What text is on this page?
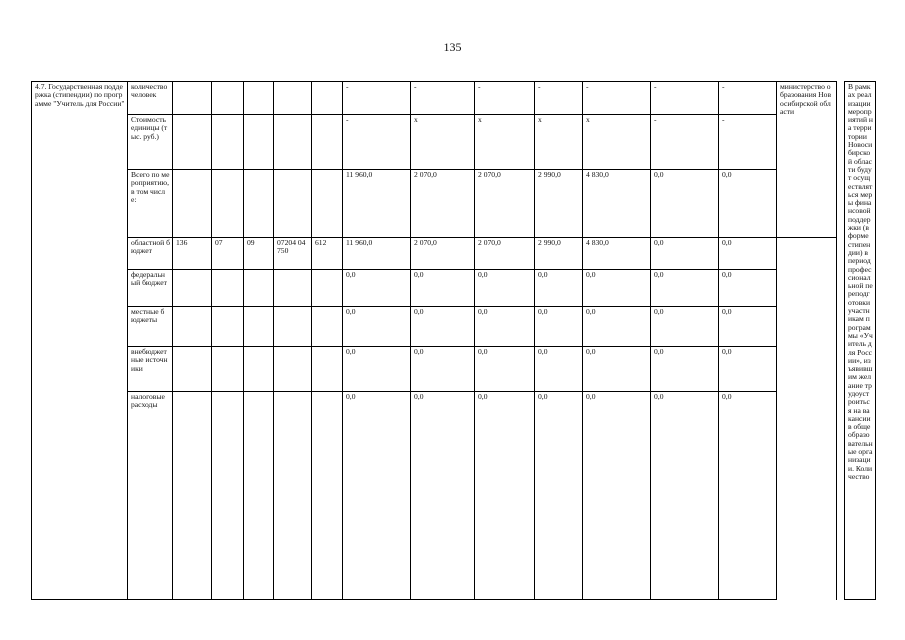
135
4.7. Государственная поддержка (стипендии) по программе "Учитель для России"	количество человек						-	-	-	-	-	-	-	министерство образования Новосибирской области		В рамках реализации мероприятий на территории Новосибирской области будут осуществляться меры финансовой поддержки (в форме стипендии) в период профессиональной переподготовки участникам программы «Учитель для России», изъявившим желание трудоустроиться на вакансии в общеобразовательные организации. Количество
	Стоимость единицы (тыс. руб.)						-	х	х	х	х	-	-			
	Всего по мероприятию, в том числе:						11 960,0	2 070,0	2 070,0	2 990,0	4 830,0	0,0	0,0			
	областной бюджет	136	07	09	07204 04750	612	11 960,0	2 070,0	2 070,0	2 990,0	4 830,0	0,0	0,0			
	федеральный бюджет						0,0	0,0	0,0	0,0	0,0	0,0	0,0			
	местные бюджеты						0,0	0,0	0,0	0,0	0,0	0,0	0,0			
	внебюджетные источники						0,0	0,0	0,0	0,0	0,0	0,0	0,0			
	налоговые расходы						0,0	0,0	0,0	0,0	0,0	0,0	0,0			
